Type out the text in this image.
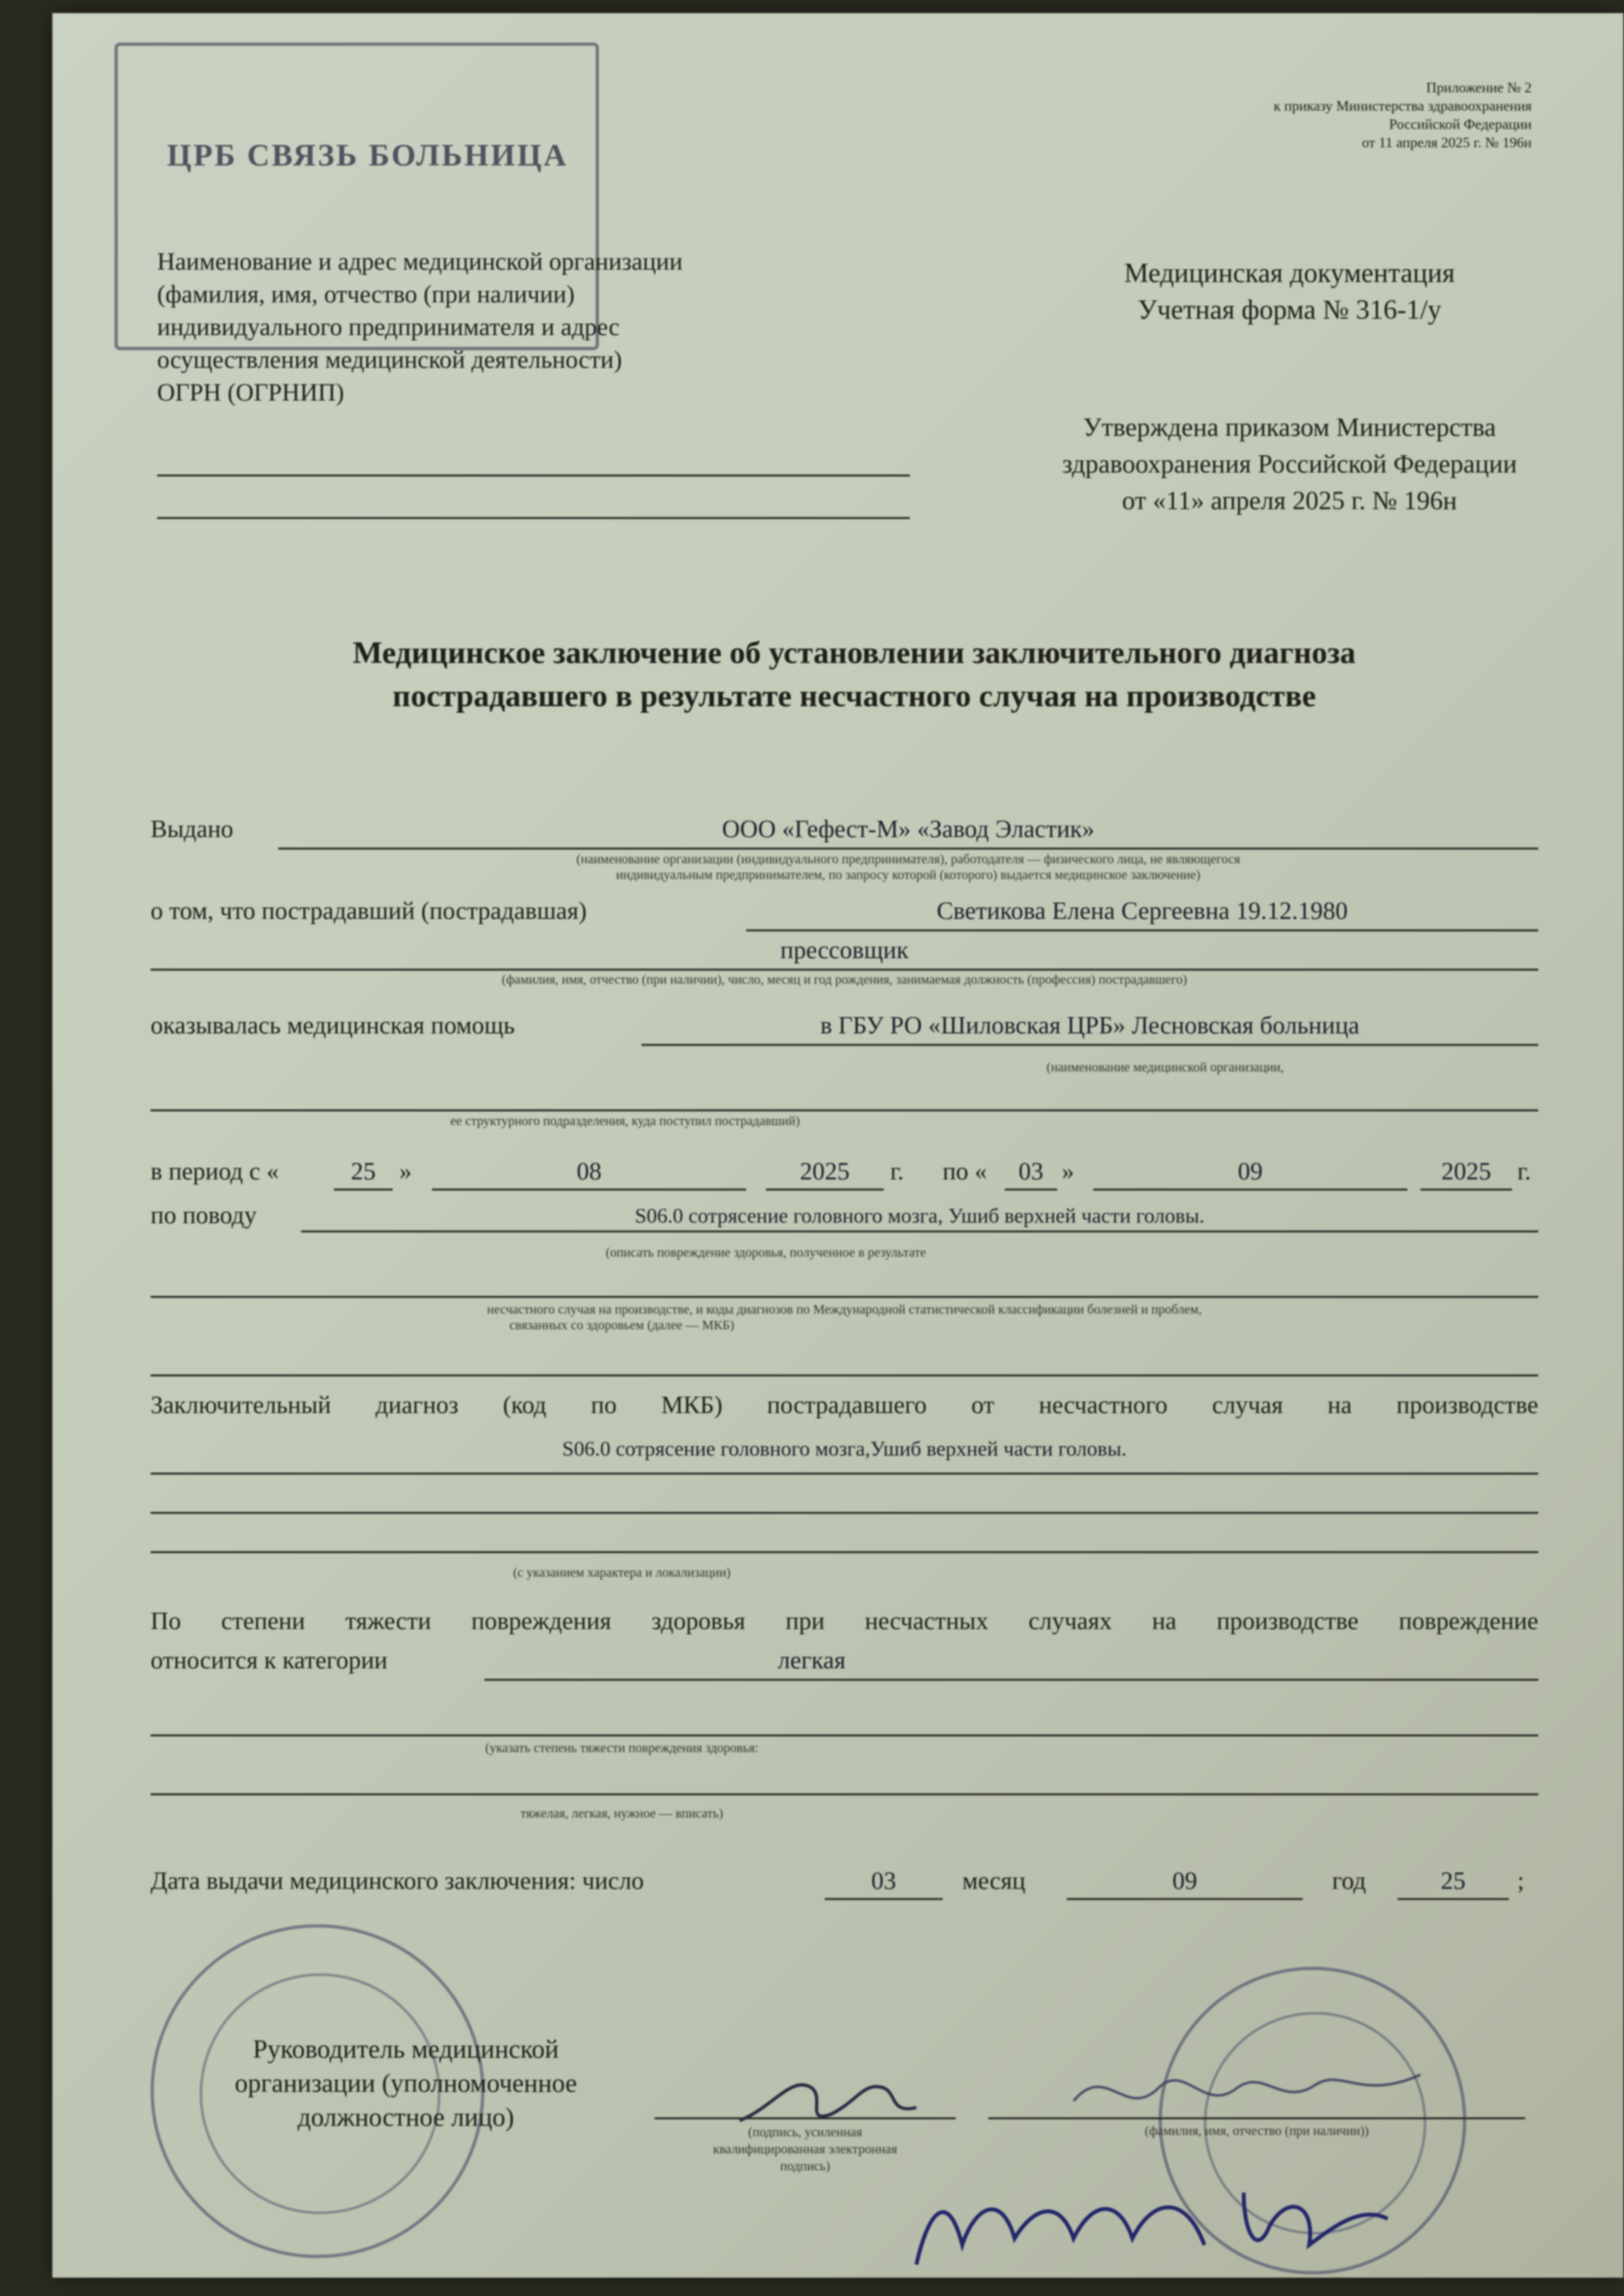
ЦРБ СВЯЗЬ БОЛЬНИЦА
Наименование и адрес медицинской организации
(фамилия, имя, отчество (при наличии)
индивидуального предпринимателя и адрес
осуществления медицинской деятельности)
ОГРН (ОГРНИП)
Приложение № 2
к приказу Министерства здравоохранения
Российской Федерации
от 11 апреля 2025 г. № 196н
Медицинская документация
Учетная форма № 316-1/у
Утверждена приказом Министерства
здравоохранения Российской Федерации
от «11» апреля 2025 г. № 196н
Медицинское заключение об установлении заключительного диагноза
пострадавшего в результате несчастного случая на производстве
Выдано	ООО «Гефест-М» «Завод Эластик»
(наименование организации (индивидуального предпринимателя), работодателя — физического лица, не являющегося
индивидуальным предпринимателем, по запросу которой (которого) выдается медицинское заключение)
о том, что пострадавший (пострадавшая)	Светикова Елена Сергеевна 19.12.1980
прессовщик
(фамилия, имя, отчество (при наличии), число, месяц и год рождения, занимаемая должность (профессия) пострадавшего)
оказывалась медицинская помощь	в ГБУ РО «Шиловская ЦРБ» Лесновская больница
(наименование медицинской организации,
ее структурного подразделения, куда поступил пострадавший)
в период с «	25 »	08	2025	г. по «	03 »	09	2025	г.
по поводу	S06.0 сотрясение головного мозга, Ушиб верхней части головы.
(описать повреждение здоровья, полученное в результате
несчастного случая на производстве, и коды диагнозов по Международной статистической классификации болезней и проблем,
связанных со здоровьем (далее — МКБ)
Заключительный диагноз (код по МКБ) пострадавшего от несчастного случая на производстве
S06.0 сотрясение головного мозга,Ушиб верхней части головы.
(с указанием характера и локализации)
По степени тяжести повреждения здоровья при несчастных случаях на производстве повреждение
относится к категории	легкая
(указать степень тяжести повреждения здоровья:
тяжелая, легкая, нужное — вписать)
Дата выдачи медицинского заключения: число	03	месяц	09	год	25	;
Руководитель медицинской
организации (уполномоченное
должностное лицо)
(подпись, усиленная
квалифицированная электронная
подпись)
(фамилия, имя, отчество (при наличии))
